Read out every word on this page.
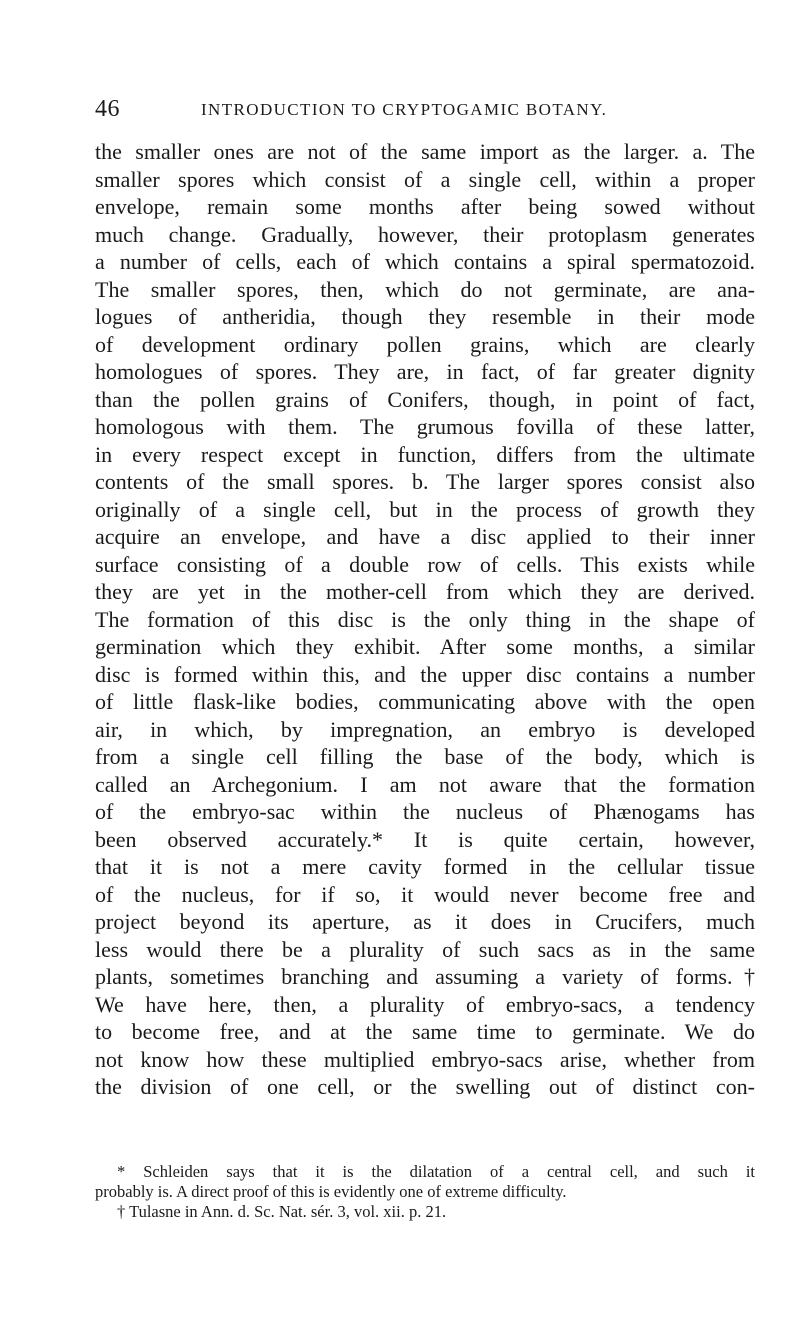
46	INTRODUCTION TO CRYPTOGAMIC BOTANY.
the smaller ones are not of the same import as the larger. a. The
smaller spores which consist of a single cell, within a proper
envelope, remain some months after being sowed without
much change. Gradually, however, their protoplasm generates
a number of cells, each of which contains a spiral spermatozoid.
The smaller spores, then, which do not germinate, are ana-
logues of antheridia, though they resemble in their mode
of development ordinary pollen grains, which are clearly
homologues of spores. They are, in fact, of far greater dignity
than the pollen grains of Conifers, though, in point of fact,
homologous with them. The grumous fovilla of these latter,
in every respect except in function, differs from the ultimate
contents of the small spores. b. The larger spores consist also
originally of a single cell, but in the process of growth they
acquire an envelope, and have a disc applied to their inner
surface consisting of a double row of cells. This exists while
they are yet in the mother-cell from which they are derived.
The formation of this disc is the only thing in the shape of
germination which they exhibit. After some months, a similar
disc is formed within this, and the upper disc contains a number
of little flask-like bodies, communicating above with the open
air, in which, by impregnation, an embryo is developed
from a single cell filling the base of the body, which is
called an Archegonium. I am not aware that the formation
of the embryo-sac within the nucleus of Phænogams has
been observed accurately.* It is quite certain, however,
that it is not a mere cavity formed in the cellular tissue
of the nucleus, for if so, it would never become free and
project beyond its aperture, as it does in Crucifers, much
less would there be a plurality of such sacs as in the same
plants, sometimes branching and assuming a variety of forms.†
We have here, then, a plurality of embryo-sacs, a tendency
to become free, and at the same time to germinate. We do
not know how these multiplied embryo-sacs arise, whether from
the division of one cell, or the swelling out of distinct con-
* Schleiden says that it is the dilatation of a central cell, and such it
probably is. A direct proof of this is evidently one of extreme difficulty.
† Tulasne in Ann. d. Sc. Nat. sér. 3, vol. xii. p. 21.
